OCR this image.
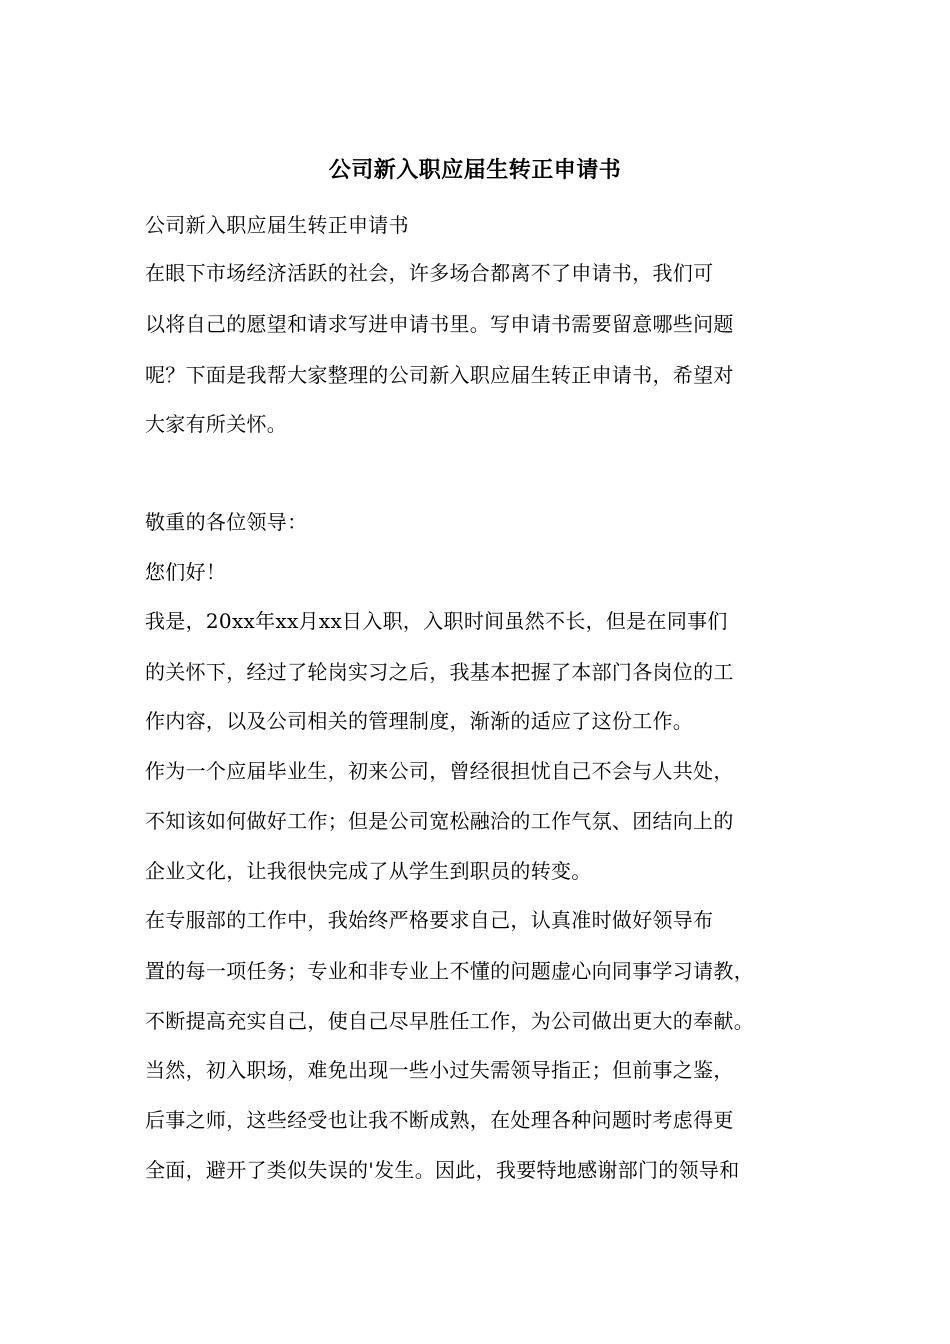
公司新入职应届生转正申请书
公司新入职应届生转正申请书
在眼下市场经济活跃的社会，许多场合都离不了申请书，我们可
以将自己的愿望和请求写进申请书里。写申请书需要留意哪些问题
呢？下面是我帮大家整理的公司新入职应届生转正申请书，希望对
大家有所关怀。
敬重的各位领导：
您们好！
我是，20xx年xx月xx日入职，入职时间虽然不长，但是在同事们
的关怀下，经过了轮岗实习之后，我基本把握了本部门各岗位的工
作内容，以及公司相关的管理制度，渐渐的适应了这份工作。
作为一个应届毕业生，初来公司，曾经很担忧自己不会与人共处，
不知该如何做好工作；但是公司宽松融洽的工作气氛、团结向上的
企业文化，让我很快完成了从学生到职员的转变。
在专服部的工作中，我始终严格要求自己，认真准时做好领导布
置的每一项任务；专业和非专业上不懂的问题虚心向同事学习请教，
不断提高充实自己，使自己尽早胜任工作，为公司做出更大的奉献。
当然，初入职场，难免出现一些小过失需领导指正；但前事之鉴，
后事之师，这些经受也让我不断成熟，在处理各种问题时考虑得更
全面，避开了类似失误的'发生。因此，我要特地感谢部门的领导和
